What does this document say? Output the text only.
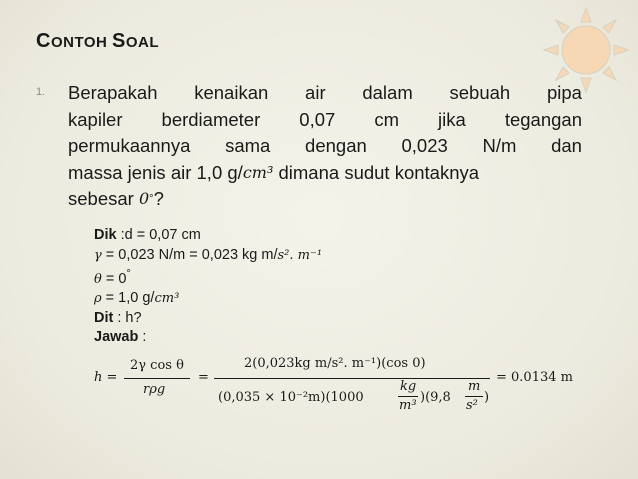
CONTOH SOAL
1. Berapakah kenaikan air dalam sebuah pipa
kapiler berdiameter 0,07 cm jika tegangan
permukaannya sama dengan 0,023 N/m dan
massa jenis air 1,0 g/ cm³ dimana sudut kontaknya
sebesar 0 ° ?
Dik :d = 0,07 cm
γ = 0,023 N/m = 0,023 kg m/s². m⁻¹
θ = 0°
ρ = 1,0 g/cm³
Dit : h?
Jawab :
h =
2γ cos θ
rρg
=
2(0,023kg m/s². m⁻¹)(cos 0)
(0,035 × 10⁻²m)(1000
kg
m³
)(9,8
m
s²
)
= 0.0134 m
